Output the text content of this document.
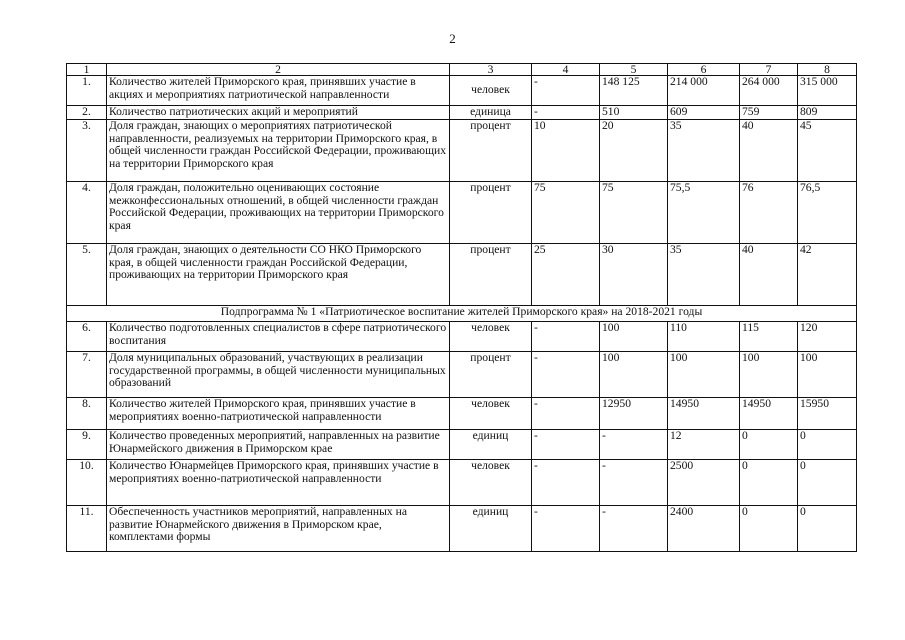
2
1	2	3	4	5	6	7	8
1.	Количество жителей Приморского края, принявших участие в акциях и мероприятиях патриотической направленности	человек	-	148 125	214 000	264 000	315 000
2.	Количество патриотических акций и мероприятий	единица	-	510	609	759	809
3.	Доля граждан, знающих о мероприятиях патриотической направленности, реализуемых на территории Приморского края, в общей численности граждан Российской Федерации, проживающих на территории Приморского края	процент	10	20	35	40	45
4.	Доля граждан, положительно оценивающих состояние межконфессиональных отношений, в общей численности граждан Российской Федерации, проживающих на территории Приморского края	процент	75	75	75,5	76	76,5
5.	Доля граждан, знающих о деятельности СО НКО Приморского края, в общей численности граждан Российской Федерации, проживающих на территории Приморского края	процент	25	30	35	40	42
Подпрограмма № 1 «Патриотическое воспитание жителей Приморского края» на 2018-2021 годы							
6.	Количество подготовленных специалистов в сфере патриотического воспитания	человек	-	100	110	115	120
7.	Доля муниципальных образований, участвующих в реализации государственной программы, в общей численности муниципальных образований	процент	-	100	100	100	100
8.	Количество жителей Приморского края, принявших участие в мероприятиях военно-патриотической направленности	человек	-	12950	14950	14950	15950
9.	Количество проведенных мероприятий, направленных на развитие Юнармейского движения в Приморском крае	единиц	-	-	12	0	0
10.	Количество Юнармейцев Приморского края, принявших участие в мероприятиях военно-патриотической направленности	человек	-	-	2500	0	0
11.	Обеспеченность участников мероприятий, направленных на развитие Юнармейского движения в Приморском крае, комплектами формы	единиц	-	-	2400	0	0
